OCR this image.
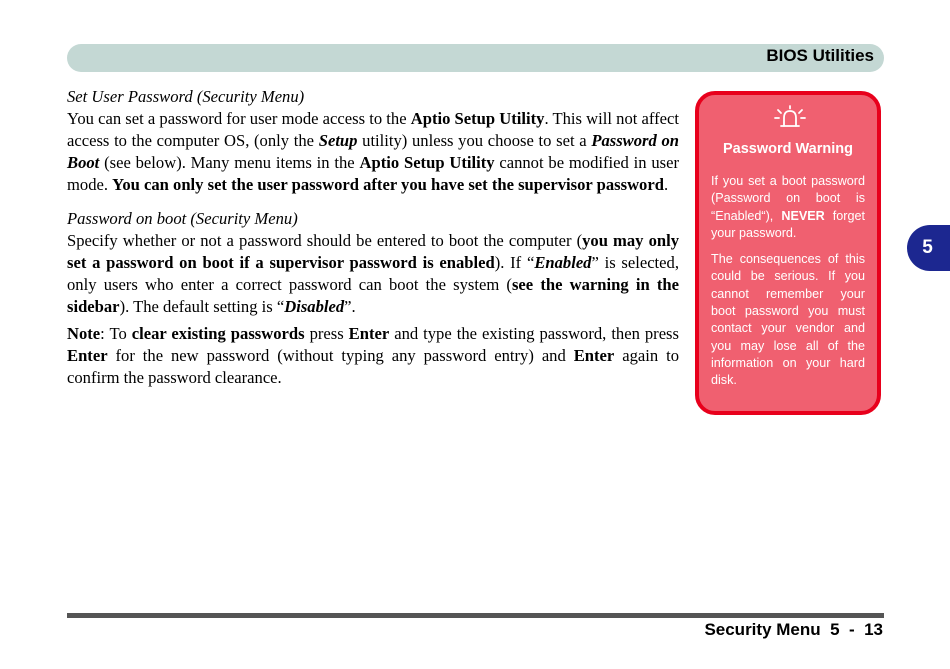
BIOS Utilities

Set User Password (Security Menu)

You can set a password for user mode access to the Aptio Setup Utility. This will not affect access to the computer OS, (only the Setup utility) unless you choose to set a Password on Boot (see below). Many menu items in the Aptio Setup Utility cannot be modified in user mode. You can only set the user password after you have set the supervisor password.

Password on boot (Security Menu)

Specify whether or not a password should be entered to boot the computer (you may only set a password on boot if a supervisor password is enabled). If “Enabled” is selected, only users who enter a correct password can boot the system (see the warning in the sidebar). The default setting is “Disabled”.

Note: To clear existing passwords press Enter and type the existing password, then press Enter for the new password (without typing any password entry) and Enter again to confirm the password clearance.

Password Warning

If you set a boot password (Password on boot is “Enabled“), NEVER forget your password.

The consequences of this could be serious. If you cannot remember your boot password you must contact your vendor and you may lose all of the information on your hard disk.

5
Security Menu  5  -  13
